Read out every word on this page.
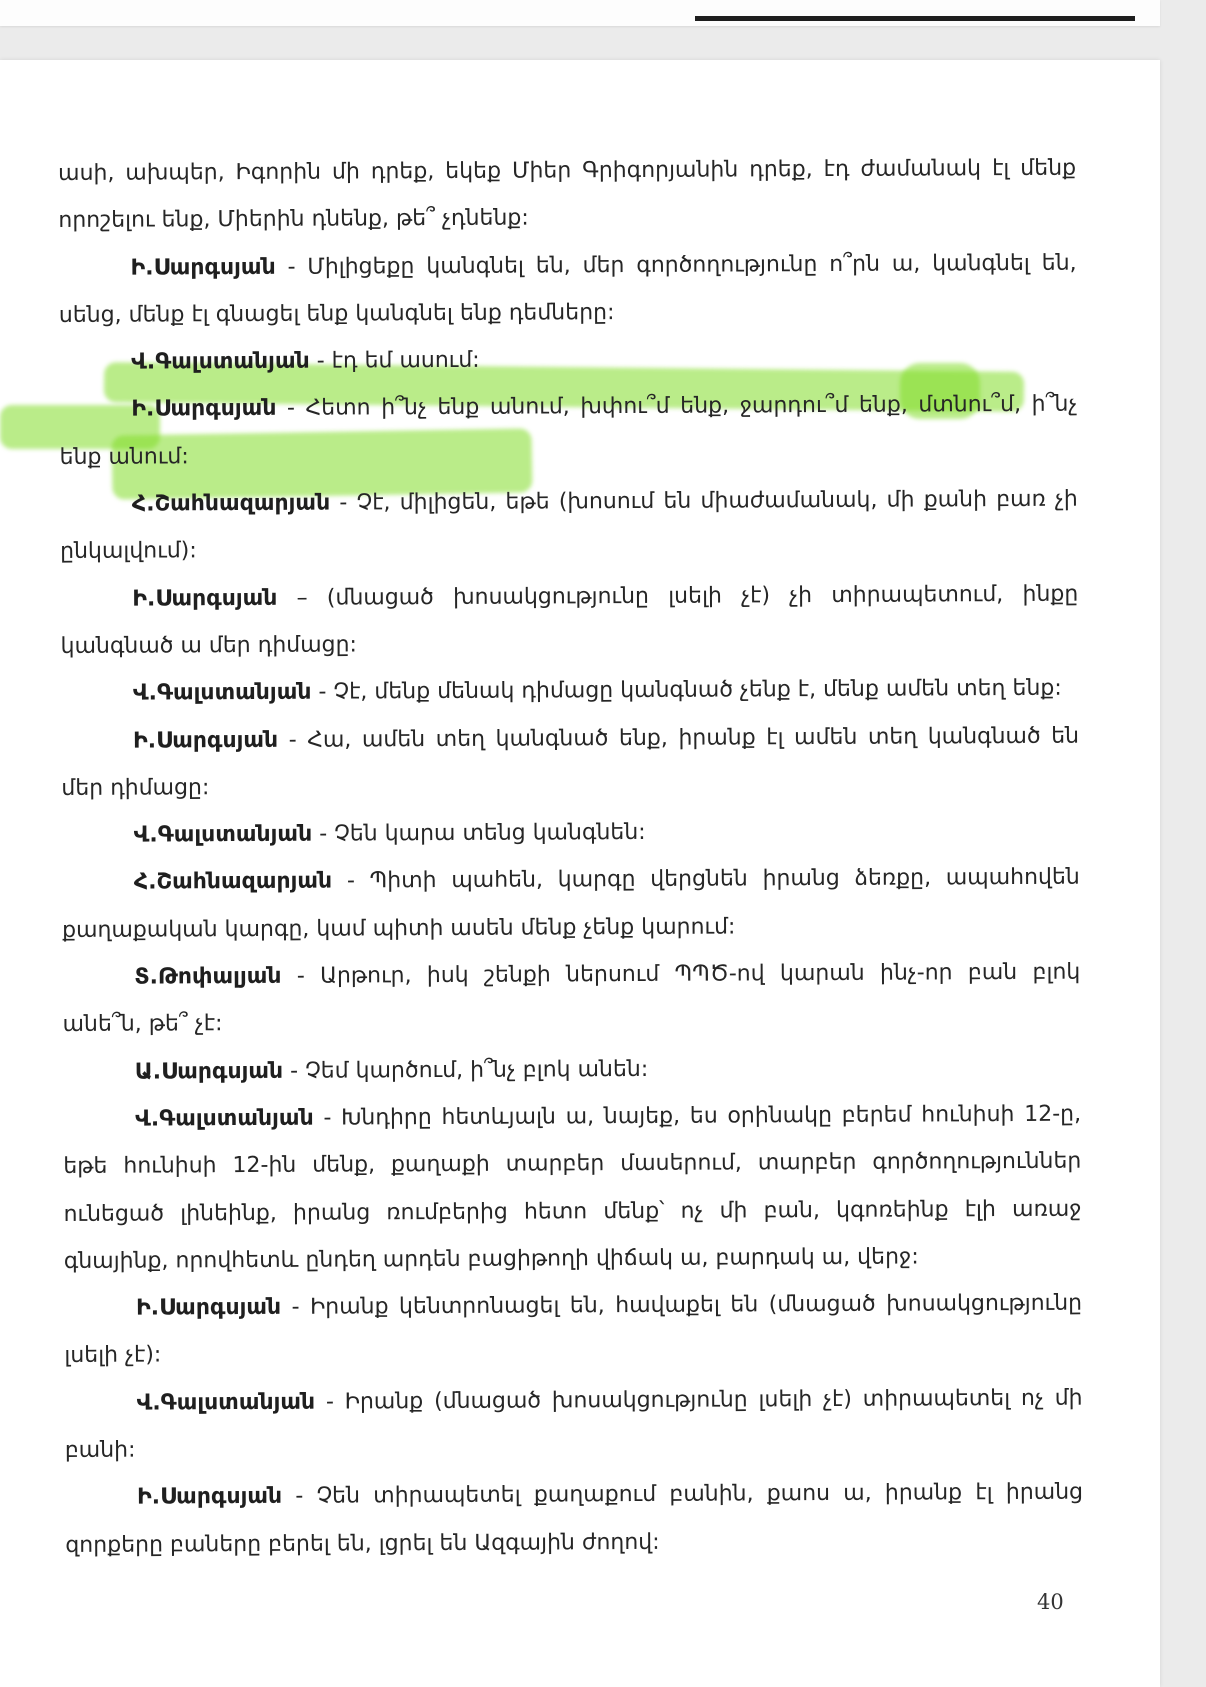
ասի, ախպեր, Իգորին մի դրեք, եկեք Միեր Գրիգորյանին դրեք, էդ ժամանակ էլ մենք որոշելու ենք, Միերին դնենք, թե՞ չդնենք:

Ի.Սարգսյան - Միլիցեքը կանգնել են, մեր գործողությունը ո՞րն ա, կանգնել են, սենց, մենք էլ գնացել ենք կանգնել ենք դեմները:

Վ.Գալստանյան - էդ եմ ասում:

Ի.Սարգսյան - Հետո ի՞նչ ենք անում, խփու՞մ ենք, ջարդու՞մ ենք, մտնու՞մ, ի՞նչ ենք անում:

Հ.Շահնազարյան - Չէ, միլիցեն, եթե (խոսում են միաժամանակ, մի քանի բառ չի ընկալվում):

Ի.Սարգսյան – (մնացած խոսակցությունը լսելի չէ) չի տիրապետում, ինքը կանգնած ա մեր դիմացը:

Վ.Գալստանյան - Չէ, մենք մենակ դիմացը կանգնած չենք է, մենք ամեն տեղ ենք:

Ի.Սարգսյան - Հա, ամեն տեղ կանգնած ենք, իրանք էլ ամեն տեղ կանգնած են մեր դիմացը:

Վ.Գալստանյան - Չեն կարա տենց կանգնեն:

Հ.Շահնազարյան - Պիտի պահեն, կարգը վերցնեն իրանց ձեռքը, ապահովեն քաղաքական կարգը, կամ պիտի ասեն մենք չենք կարում:

Տ.Թոփալյան - Արթուր, իսկ շենքի ներսում ՊՊԾ-ով կարան ինչ-որ բան բլոկ անե՞ն, թե՞ չէ:

Ա.Սարգսյան - Չեմ կարծում, ի՞նչ բլոկ անեն:

Վ.Գալստանյան - Խնդիրը հետևյալն ա, նայեք, ես օրինակը բերեմ հունիսի 12-ը, եթե հունիսի 12-ին մենք, քաղաքի տարբեր մասերում, տարբեր գործողություններ ունեցած լինեինք, իրանց ռումբերից հետո մենք՝ ոչ մի բան, կգոռեինք էլի առաջ գնայինք, որովհետև ընդեղ արդեն բացիթողի վիճակ ա, բարդակ ա, վերջ:

Ի.Սարգսյան - Իրանք կենտրոնացել են, հավաքել են (մնացած խոսակցությունը լսելի չէ):

Վ.Գալստանյան - Իրանք (մնացած խոսակցությունը լսելի չէ) տիրապետել ոչ մի բանի:

Ի.Սարգսյան - Չեն տիրապետել քաղաքում բանին, քաոս ա, իրանք էլ իրանց զորքերը բաները բերել են, լցրել են Ազգային ժողով:

40
